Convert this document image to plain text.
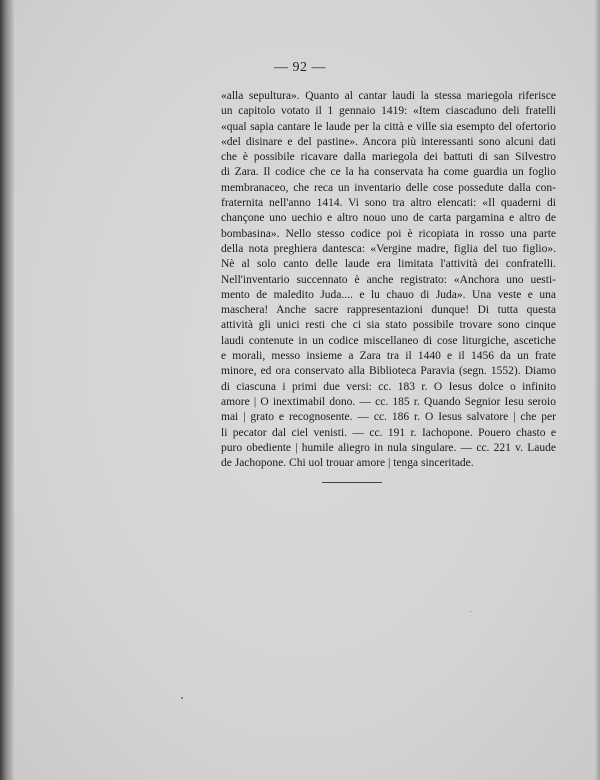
— 92 —

«alla sepultura». Quanto al cantar laudi la stessa mariegola riferisce
un capitolo votato il 1 gennaio 1419: «Item ciascaduno deli fratelli
«qual sapia cantare le laude per la città e ville sia esempto del ofertorio
«del disinare e del pastine». Ancora più interessanti sono alcuni dati
che è possibile ricavare dalla mariegola dei battuti di san Silvestro
di Zara. Il codice che ce la ha conservata ha come guardia un foglio
membranaceo, che reca un inventario delle cose possedute dalla con-
fraternita nell'anno 1414. Vi sono tra altro elencati: «Il quaderni di
chançone uno uechio e altro nouo uno de carta pargamina e altro de
bombasina». Nello stesso codice poi è ricopiata in rosso una parte
della nota preghiera dantesca: «Vergine madre, figlia del tuo figlio».
Nè al solo canto delle laude era limitata l'attività dei confratelli.
Nell'inventario succennato è anche registrato: «Anchora uno uesti-
mento de maledito Juda.... e lu chauo di Juda». Una veste e una
maschera! Anche sacre rappresentazioni dunque! Di tutta questa
attività gli unici resti che ci sia stato possibile trovare sono cinque
laudi contenute in un codice miscellaneo di cose liturgiche, ascetiche
e morali, messo insieme a Zara tra il 1440 e il 1456 da un frate
minore, ed ora conservato alla Biblioteca Paravia (segn. 1552). Diamo
di ciascuna i primi due versi: cc. 183 r. O Iesus dolce o infinito
amore | O inextimabil dono. — cc. 185 r. Quando Segnior Iesu seroio
mai | grato e recognosente. — cc. 186 r. O Iesus salvatore | che per
li pecator dal ciel venisti. — cc. 191 r. Iachopone. Pouero chasto e
puro obediente | humile aliegro in nula singulare. — cc. 221 v. Laude
de Jachopone. Chi uol trouar amore | tenga sinceritade.
